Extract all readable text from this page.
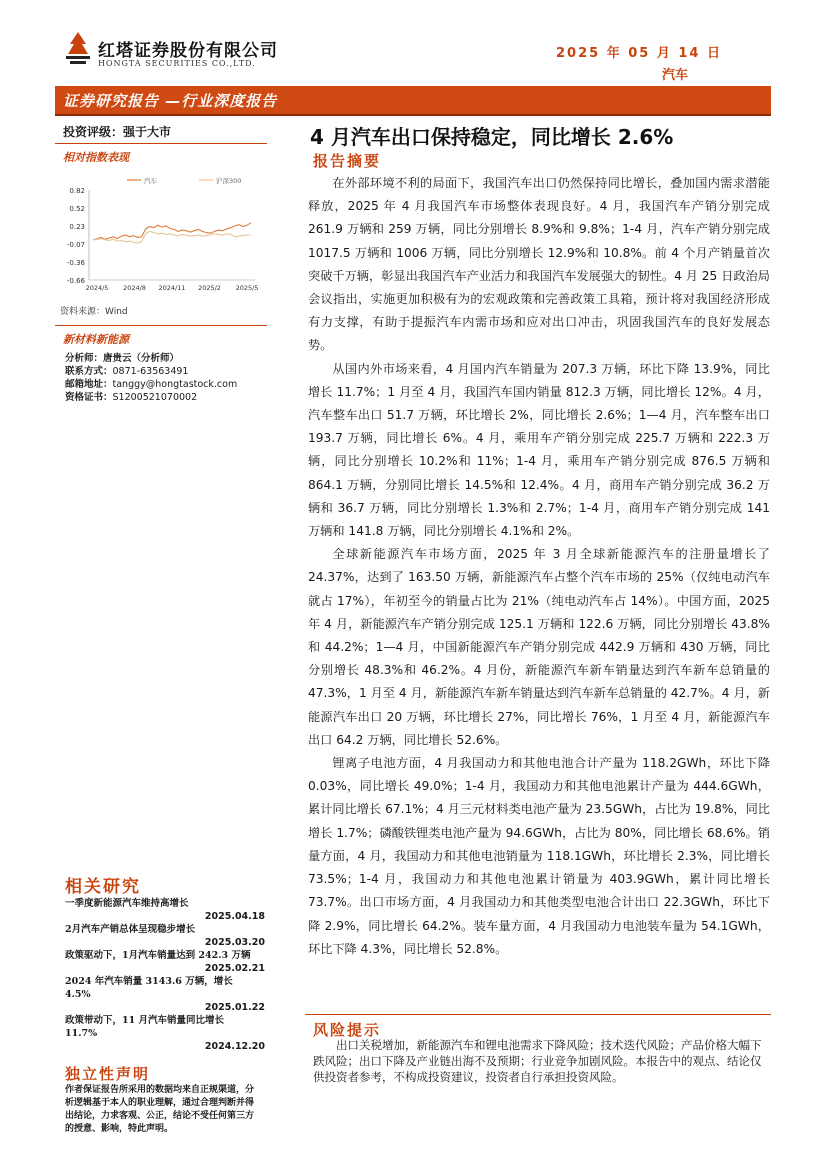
红塔证券股份有限公司
HONGTA SECURITIES CO.,LTD.
2025 年 05 月 14 日
汽车
证券研究报告 —行业深度报告
投资评级：强于大市
相对指数表现
0.82
0.52
0.23
-0.07
-0.36
-0.66
2024/5 2024/8 2024/11 2025/2 2025/5
汽车	沪深300
资料来源：Wind
新材料新能源
分析师：唐贵云（分析师）
联系方式：0871-63563491
邮箱地址：tanggy@hongtastock.com
资格证书：S1200521070002
相关研究
一季度新能源汽车维持高增长
2025.04.18
2月汽车产销总体呈现稳步增长
2025.03.20
政策驱动下，1月汽车销量达到 242.3 万辆
2025.02.21
2024 年汽车销量 3143.6 万辆，增长 4.5%
2025.01.22
政策带动下，11 月汽车销量同比增长 11.7%
2024.12.20
独立性声明
作者保证报告所采用的数据均来自正规渠道，分析逻辑基于本人的职业理解，通过合理判断并得出结论，力求客观、公正，结论不受任何第三方的授意、影响，特此声明。
4 月汽车出口保持稳定，同比增长 2.6%
报告摘要

在外部环境不利的局面下，我国汽车出口仍然保持同比增长，叠加国内需求潜能释放，2025 年 4 月我国汽车市场整体表现良好。4 月，我国汽车产销分别完成 261.9 万辆和 259 万辆，同比分别增长 8.9%和 9.8%；1-4 月，汽车产销分别完成 1017.5 万辆和 1006 万辆，同比分别增长 12.9%和 10.8%。前 4 个月产销量首次突破千万辆，彰显出我国汽车产业活力和我国汽车发展强大的韧性。4 月 25 日政治局会议指出，实施更加积极有为的宏观政策和完善政策工具箱，预计将对我国经济形成有力支撑，有助于提振汽车内需市场和应对出口冲击，巩固我国汽车的良好发展态势。

从国内外市场来看，4 月国内汽车销量为 207.3 万辆，环比下降 13.9%，同比增长 11.7%；1 月至 4 月，我国汽车国内销量 812.3 万辆，同比增长 12%。4 月，汽车整车出口 51.7 万辆，环比增长 2%，同比增长 2.6%；1—4 月，汽车整车出口 193.7 万辆，同比增长 6%。4 月，乘用车产销分别完成 225.7 万辆和 222.3 万辆，同比分别增长 10.2%和 11%；1-4 月，乘用车产销分别完成 876.5 万辆和 864.1 万辆，分别同比增长 14.5%和 12.4%。4 月，商用车产销分别完成 36.2 万辆和 36.7 万辆，同比分别增长 1.3%和 2.7%；1-4 月，商用车产销分别完成 141 万辆和 141.8 万辆，同比分别增长 4.1%和 2%。

全球新能源汽车市场方面，2025 年 3 月全球新能源汽车的注册量增长了 24.37%，达到了 163.50 万辆，新能源汽车占整个汽车市场的 25%（仅纯电动汽车就占 17%），年初至今的销量占比为 21%（纯电动汽车占 14%）。中国方面，2025 年 4 月，新能源汽车产销分别完成 125.1 万辆和 122.6 万辆，同比分别增长 43.8%和 44.2%；1—4 月，中国新能源汽车产销分别完成 442.9 万辆和 430 万辆，同比分别增长 48.3%和 46.2%。4 月份，新能源汽车新车销量达到汽车新车总销量的 47.3%，1 月至 4 月，新能源汽车新车销量达到汽车新车总销量的 42.7%。4 月，新能源汽车出口 20 万辆，环比增长 27%，同比增长 76%，1 月至 4 月，新能源汽车出口 64.2 万辆，同比增长 52.6%。

锂离子电池方面，4 月我国动力和其他电池合计产量为 118.2GWh，环比下降 0.03%，同比增长 49.0%；1-4 月，我国动力和其他电池累计产量为 444.6GWh，累计同比增长 67.1%；4 月三元材料类电池产量为 23.5GWh，占比为 19.8%，同比增长 1.7%；磷酸铁锂类电池产量为 94.6GWh，占比为 80%，同比增长 68.6%。销量方面，4 月，我国动力和其他电池销量为 118.1GWh，环比增长 2.3%，同比增长 73.5%；1-4 月，我国动力和其他电池累计销量为 403.9GWh，累计同比增长 73.7%。出口市场方面，4 月我国动力和其他类型电池合计出口 22.3GWh，环比下降 2.9%，同比增长 64.2%。装车量方面，4 月我国动力电池装车量为 54.1GWh，环比下降 4.3%，同比增长 52.8%。

风险提示
出口关税增加，新能源汽车和锂电池需求下降风险；技术迭代风险；产品价格大幅下跌风险；出口下降及产业链出海不及预期；行业竞争加剧风险。本报告中的观点、结论仅供投资者参考，不构成投资建议，投资者自行承担投资风险。
